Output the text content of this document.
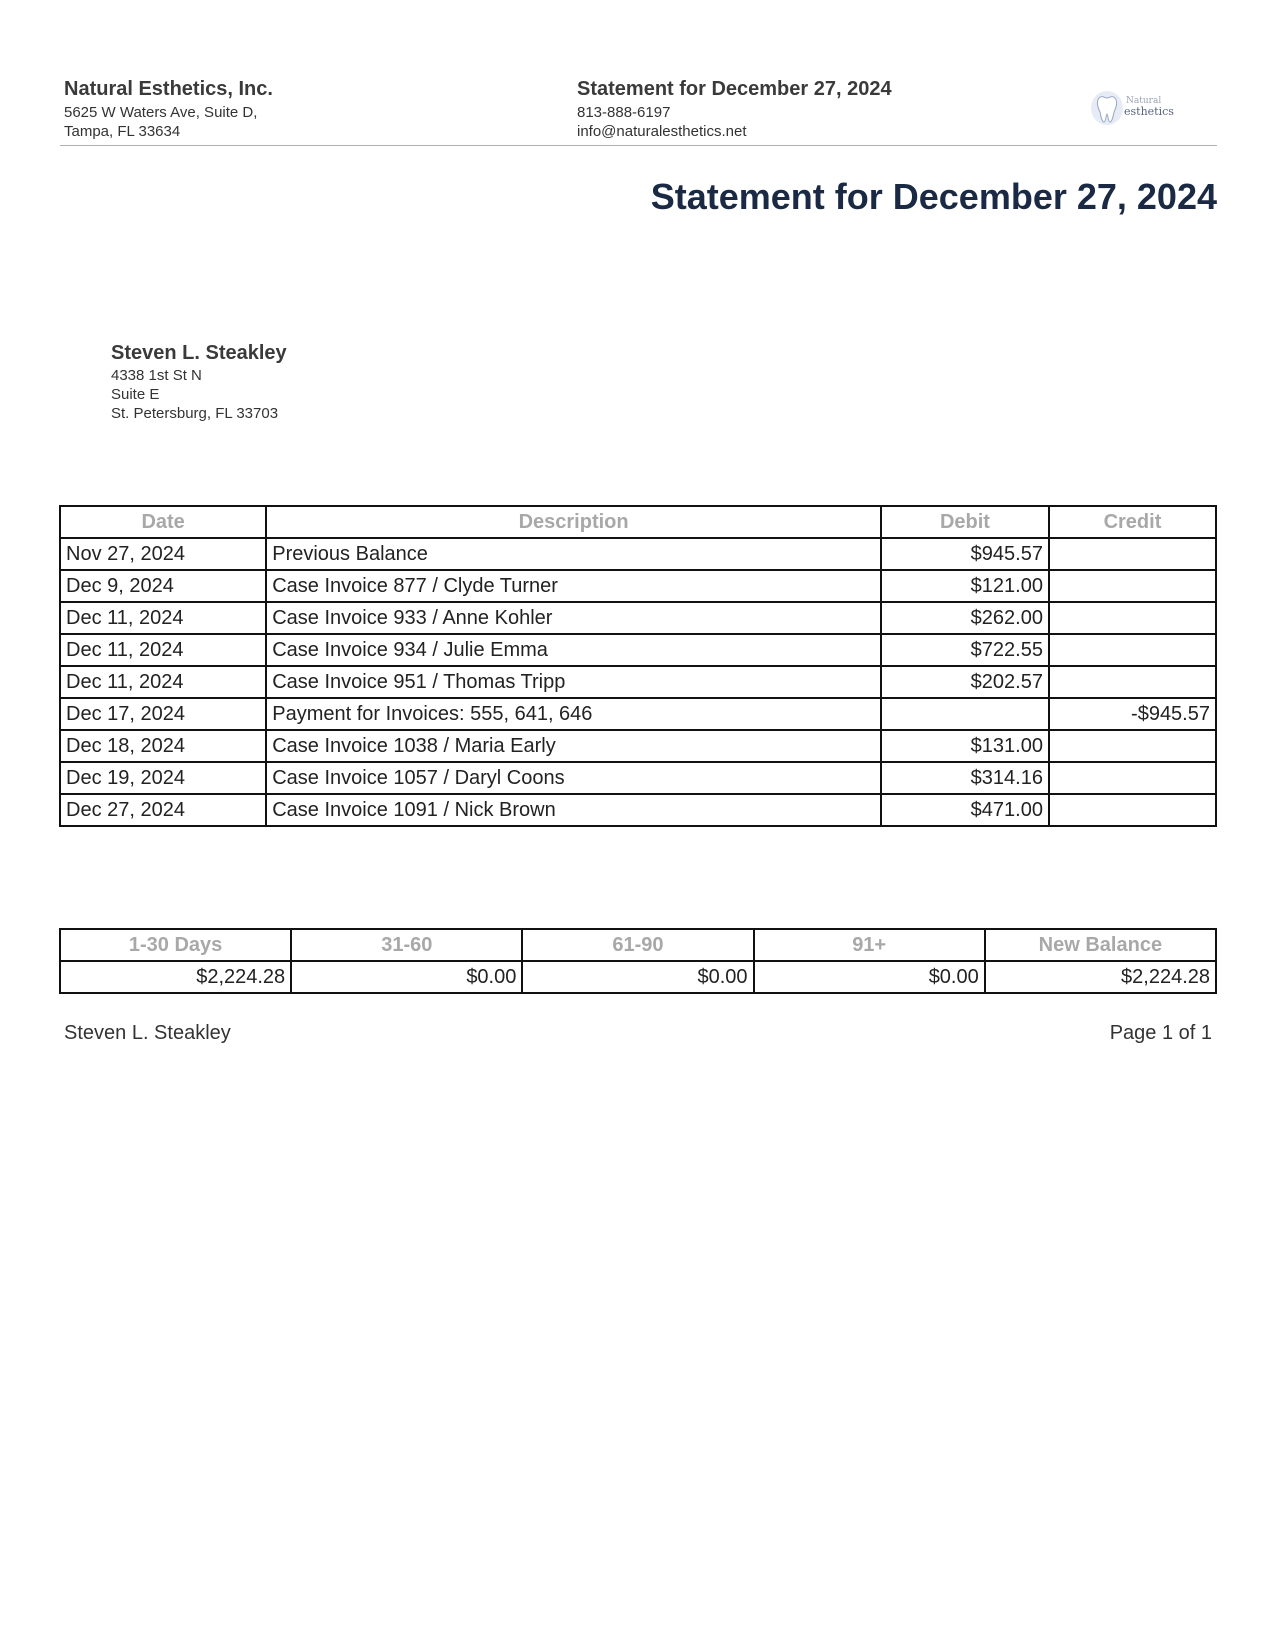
Natural Esthetics, Inc.
5625 W Waters Ave, Suite D,
Tampa, FL 33634
Statement for December 27, 2024
813-888-6197
info@naturalesthetics.net
Natural
esthetics
Statement for December 27, 2024
Steven L. Steakley
4338 1st St N
Suite E
St. Petersburg, FL 33703
Date	Description	Debit	Credit
Nov 27, 2024	Previous Balance	$945.57	
Dec 9, 2024	Case Invoice 877 / Clyde Turner	$121.00	
Dec 11, 2024	Case Invoice 933 / Anne Kohler	$262.00	
Dec 11, 2024	Case Invoice 934 / Julie Emma	$722.55	
Dec 11, 2024	Case Invoice 951 / Thomas Tripp	$202.57	
Dec 17, 2024	Payment for Invoices: 555, 641, 646		-$945.57
Dec 18, 2024	Case Invoice 1038 / Maria Early	$131.00	
Dec 19, 2024	Case Invoice 1057 / Daryl Coons	$314.16	
Dec 27, 2024	Case Invoice 1091 / Nick Brown	$471.00	
1-30 Days	31-60	61-90	91+	New Balance
$2,224.28	$0.00	$0.00	$0.00	$2,224.28
Steven L. Steakley	Page 1 of 1
